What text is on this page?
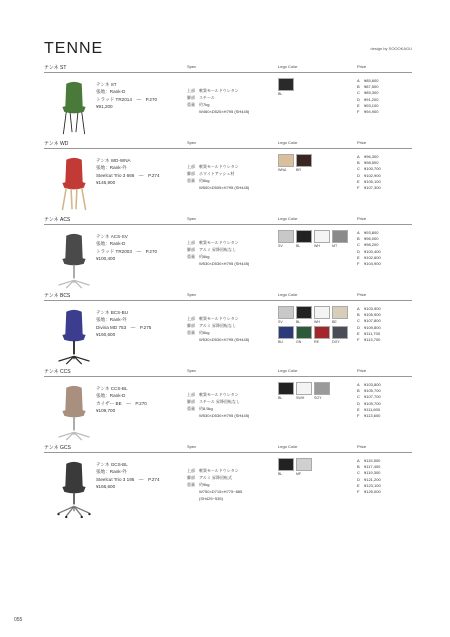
TENNE	design by SOOOKAGU
テンネ ST	Spec	Lego Color	Price
テンネ ST
張地：Rank-D
トラッド TR2014　—　P.270
¥91,200
上部 軟質モールドウレタン
脚部 スチール
重量 約7kg
W460×D525×H795 (SH445)
BL
A ¥85,600
B ¥87,500
C ¥89,300
D ¥91,200
E ¥93,100
F ¥94,900
テンネ WD	Spec	Lego Color	Price
テンネ WD-WNA
張地：Rank-外
Steelcut Trio 3 666　—　P.274
¥146,900
上部 軟質モールドウレタン
脚部 ホワイトアッシュ材
重量 約6kg
W500×D505×H795 (SH445)
WNA	BR
A ¥96,300
B ¥98,500
C ¥100,700
D ¥102,900
E ¥105,100
F ¥107,300
テンネ ACS	Spec	Lego Color	Price
テンネ ACS-SV
張地：Rank-D
トラッド TR2003　—　P.270
¥100,400
上部 軟質モールドウレタン
脚部 アルミ 昇降回転なし
重量 約6kg
W530×D530×H795 (SH445)
SV	BL	WH	MT
A ¥93,800
B ¥96,000
C ¥98,200
D ¥100,400
E ¥102,600
F ¥104,900
テンネ BCS	Spec	Lego Color	Price
テンネ BCS-BU
張地：Rank-外
Divina MD 753　—　P.275
¥160,600
上部 軟質モールドウレタン
脚部 アルミ 昇降回転なし
重量 約6kg
W530×D530×H795 (SH445)
SV	BL	WH	BE
BU	GN	RE	DGY
A ¥103,900
B ¥105,900
C ¥107,800
D ¥109,800
E ¥111,700
F ¥113,700
テンネ CCS	Spec	Lego Color	Price
テンネ CCS-BL
張地：Rank-D
カイザー BE　—　P.270
¥109,700
上部 軟質モールドウレタン
脚部 スチール 昇降回転なし
重量 約8.5kg
W530×D530×H795 (SH445)
BL	SWH	SGY
A ¥103,800
B ¥105,700
C ¥107,700
D ¥109,700
E ¥111,600
F ¥113,600
テンネ GCS	Spec	Lego Color	Price
テンネ GCS-BL
張地：Rank-外
Steelcut Trio 3 195　—　P.274
¥166,600
上部 軟質モールドウレタン
脚部 アルミ 昇降回転式
重量 約9kg
W750×D715×H775~885
(SH425~535)
BL	MF
A ¥115,500
B ¥117,400
C ¥119,300
D ¥121,200
E ¥123,100
F ¥125,000
055
